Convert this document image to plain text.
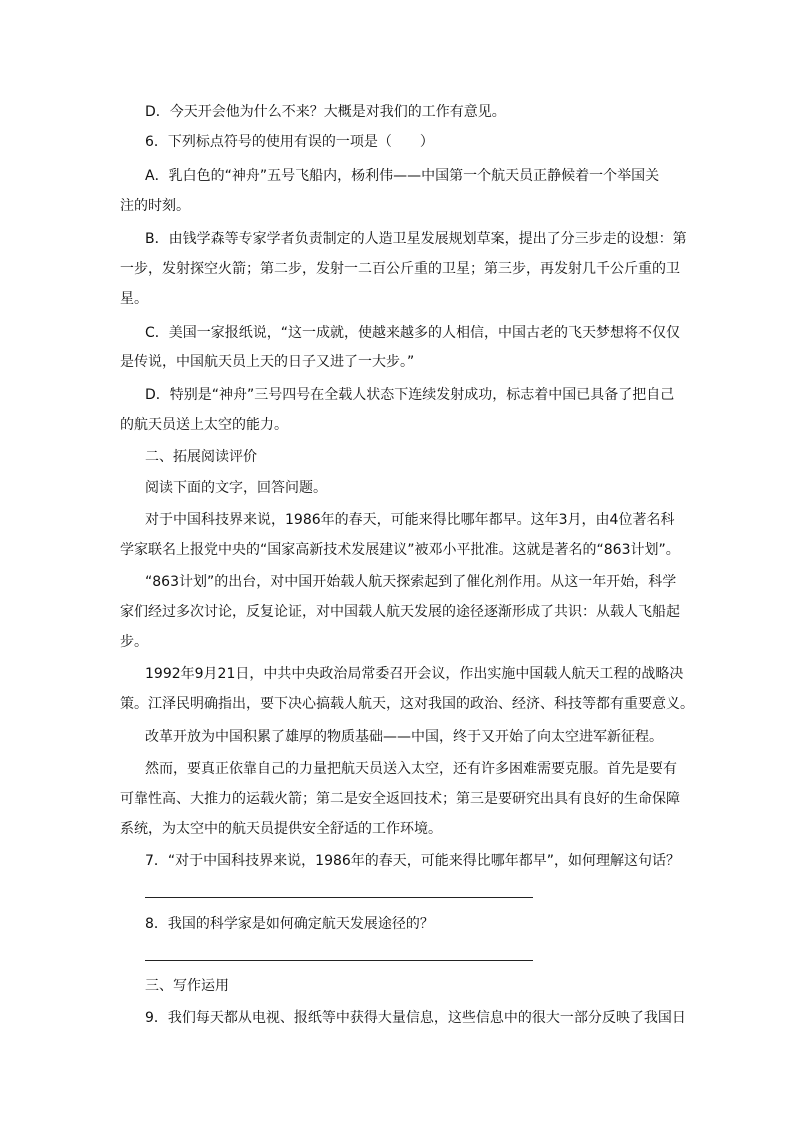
D．今天开会他为什么不来？大概是对我们的工作有意见。
6．下列标点符号的使用有误的一项是（　　）
A．乳白色的“神舟”五号飞船内，杨利伟——中国第一个航天员正静候着一个举国关
注的时刻。
B．由钱学森等专家学者负责制定的人造卫星发展规划草案，提出了分三步走的设想：第
一步，发射探空火箭；第二步，发射一二百公斤重的卫星；第三步，再发射几千公斤重的卫
星。
C．美国一家报纸说，“这一成就，使越来越多的人相信，中国古老的飞天梦想将不仅仅
是传说，中国航天员上天的日子又进了一大步。”
D．特别是“神舟”三号四号在全载人状态下连续发射成功，标志着中国已具备了把自己
的航天员送上太空的能力。
二、拓展阅读评价
阅读下面的文字，回答问题。
对于中国科技界来说，1986年的春天，可能来得比哪年都早。这年3月，由4位著名科
学家联名上报党中央的“国家高新技术发展建议”被邓小平批准。这就是著名的“863计划”。
“863计划”的出台，对中国开始载人航天探索起到了催化剂作用。从这一年开始，科学
家们经过多次讨论，反复论证，对中国载人航天发展的途径逐渐形成了共识：从载人飞船起
步。
1992年9月21日，中共中央政治局常委召开会议，作出实施中国载人航天工程的战略决
策。江泽民明确指出，要下决心搞载人航天，这对我国的政治、经济、科技等都有重要意义。
改革开放为中国积累了雄厚的物质基础——中国，终于又开始了向太空进军新征程。
然而，要真正依靠自己的力量把航天员送入太空，还有许多困难需要克服。首先是要有
可靠性高、大推力的运载火箭；第二是安全返回技术；第三是要研究出具有良好的生命保障
系统，为太空中的航天员提供安全舒适的工作环境。
7．“对于中国科技界来说，1986年的春天，可能来得比哪年都早”，如何理解这句话？
8．我国的科学家是如何确定航天发展途径的？
三、写作运用
9．我们每天都从电视、报纸等中获得大量信息，这些信息中的很大一部分反映了我国日
